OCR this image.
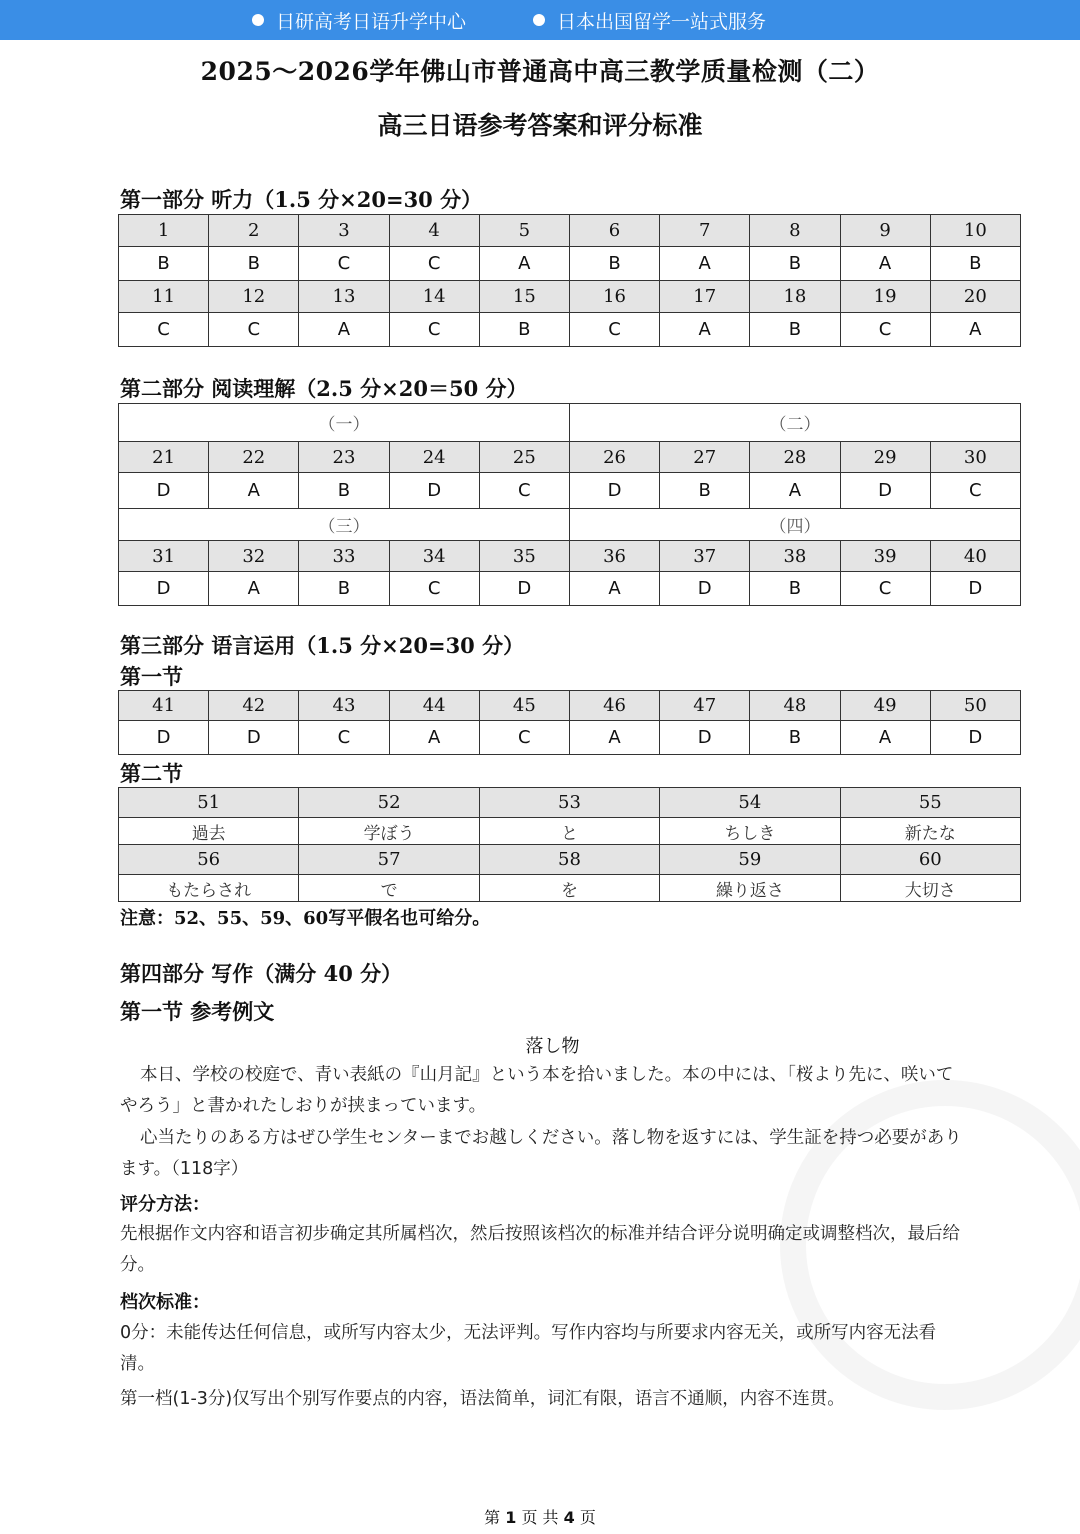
日研高考日语升学中心	日本出国留学一站式服务
2025～2026学年佛山市普通高中高三教学质量检测（二）
高三日语参考答案和评分标准
第一部分 听力（1.5 分×20=30 分）
1	2	3	4	5	6	7	8	9	10
B	B	C	C	A	B	A	B	A	B
11	12	13	14	15	16	17	18	19	20
C	C	A	C	B	C	A	B	C	A
第二部分 阅读理解（2.5 分×20＝50 分）
（一）					（二）				
21	22	23	24	25	26	27	28	29	30
D	A	B	D	C	D	B	A	D	C
（三）					（四）				
31	32	33	34	35	36	37	38	39	40
D	A	B	C	D	A	D	B	C	D
第三部分 语言运用（1.5 分×20=30 分）
第一节
41	42	43	44	45	46	47	48	49	50
D	D	C	A	C	A	D	B	A	D
第二节
51	52	53	54	55
過去	学ぼう	と	ちしき	新たな
56	57	58	59	60
もたらされ	で	を	繰り返さ	大切さ
注意：52、55、59、60写平假名也可给分。
第四部分 写作（满分 40 分）
第一节 参考例文
落し物
本日、学校の校庭で、青い表紙の『山月記』という本を拾いました。本の中には、「桜より先に、咲いてやろう」と書かれたしおりが挟まっています。
心当たりのある方はぜひ学生センターまでお越しください。落し物を返すには、学生証を持つ必要があります。（118字）
评分方法：
先根据作文内容和语言初步确定其所属档次，然后按照该档次的标准并结合评分说明确定或调整档次，最后给分。
档次标准：
0分：未能传达任何信息，或所写内容太少，无法评判。写作内容均与所要求内容无关，或所写内容无法看清。
第一档(1-3分)仅写出个别写作要点的内容，语法简单，词汇有限，语言不通顺，内容不连贯。
第 1 页 共 4 页
